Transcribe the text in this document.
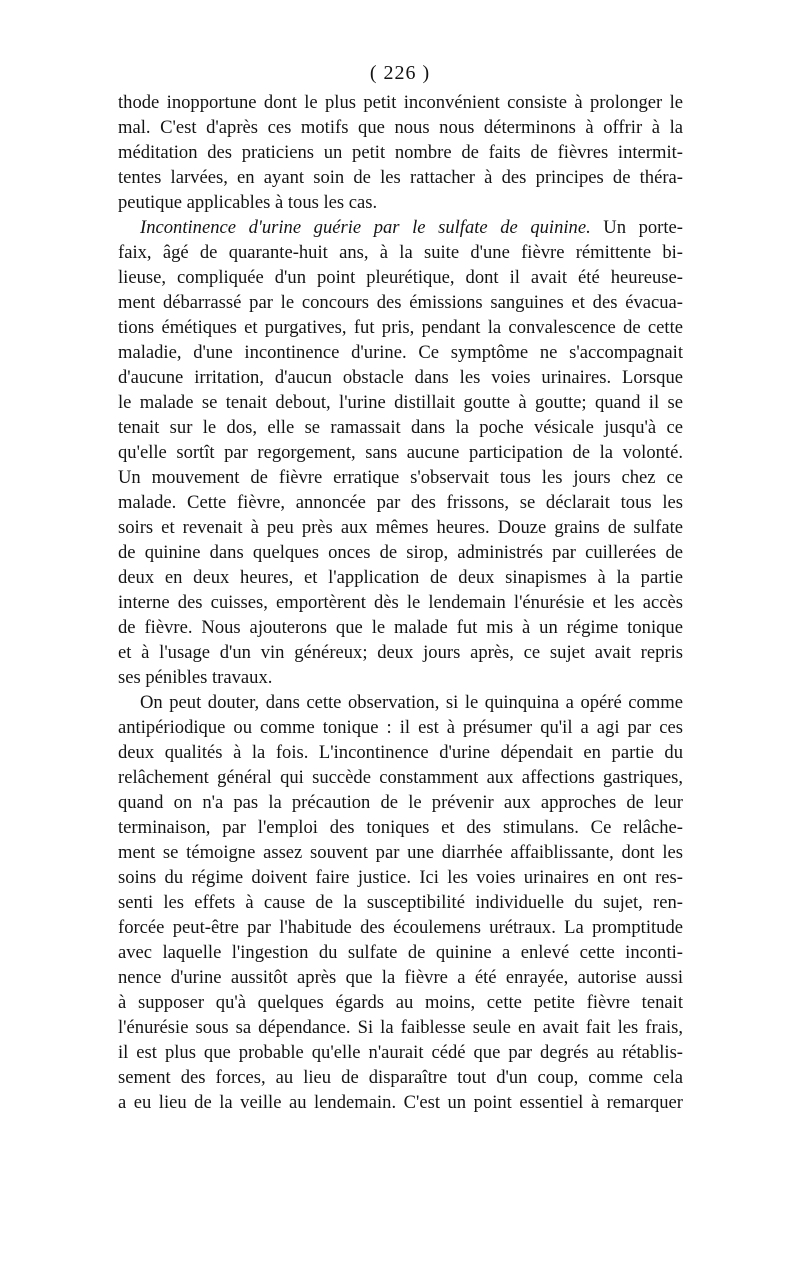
( 226 )
thode inopportune dont le plus petit inconvénient consiste à prolonger le
mal. C'est d'après ces motifs que nous nous déterminons à offrir à la
méditation des praticiens un petit nombre de faits de fièvres intermit-
tentes larvées, en ayant soin de les rattacher à des principes de théra-
peutique applicables à tous les cas.
Incontinence d'urine guérie par le sulfate de quinine. Un porte-
faix, âgé de quarante-huit ans, à la suite d'une fièvre rémittente bi-
lieuse, compliquée d'un point pleurétique, dont il avait été heureuse-
ment débarrassé par le concours des émissions sanguines et des évacua-
tions émétiques et purgatives, fut pris, pendant la convalescence de cette
maladie, d'une incontinence d'urine. Ce symptôme ne s'accompagnait
d'aucune irritation, d'aucun obstacle dans les voies urinaires. Lorsque
le malade se tenait debout, l'urine distillait goutte à goutte; quand il se
tenait sur le dos, elle se ramassait dans la poche vésicale jusqu'à ce
qu'elle sortît par regorgement, sans aucune participation de la volonté.
Un mouvement de fièvre erratique s'observait tous les jours chez ce
malade. Cette fièvre, annoncée par des frissons, se déclarait tous les
soirs et revenait à peu près aux mêmes heures. Douze grains de sulfate
de quinine dans quelques onces de sirop, administrés par cuillerées de
deux en deux heures, et l'application de deux sinapismes à la partie
interne des cuisses, emportèrent dès le lendemain l'énurésie et les accès
de fièvre. Nous ajouterons que le malade fut mis à un régime tonique
et à l'usage d'un vin généreux; deux jours après, ce sujet avait repris
ses pénibles travaux.
On peut douter, dans cette observation, si le quinquina a opéré comme
antipériodique ou comme tonique : il est à présumer qu'il a agi par ces
deux qualités à la fois. L'incontinence d'urine dépendait en partie du
relâchement général qui succède constamment aux affections gastriques,
quand on n'a pas la précaution de le prévenir aux approches de leur
terminaison, par l'emploi des toniques et des stimulans. Ce relâche-
ment se témoigne assez souvent par une diarrhée affaiblissante, dont les
soins du régime doivent faire justice. Ici les voies urinaires en ont res-
senti les effets à cause de la susceptibilité individuelle du sujet, ren-
forcée peut-être par l'habitude des écoulemens urétraux. La promptitude
avec laquelle l'ingestion du sulfate de quinine a enlevé cette inconti-
nence d'urine aussitôt après que la fièvre a été enrayée, autorise aussi
à supposer qu'à quelques égards au moins, cette petite fièvre tenait
l'énurésie sous sa dépendance. Si la faiblesse seule en avait fait les frais,
il est plus que probable qu'elle n'aurait cédé que par degrés au rétablis-
sement des forces, au lieu de disparaître tout d'un coup, comme cela
a eu lieu de la veille au lendemain. C'est un point essentiel à remarquer
